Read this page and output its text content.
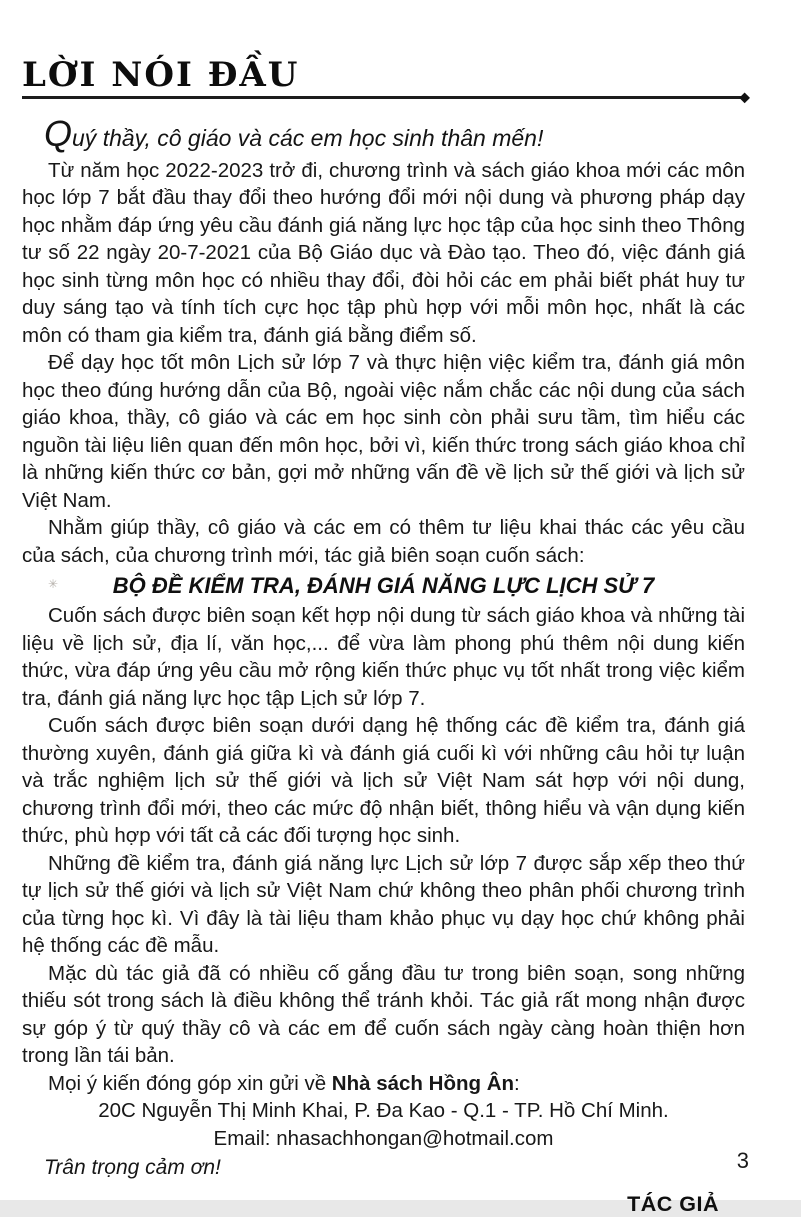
LỜI NÓI ĐẦU
◆

Quý thầy, cô giáo và các em học sinh thân mến!

Từ năm học 2022-2023 trở đi, chương trình và sách giáo khoa mới các môn học lớp 7 bắt đầu thay đổi theo hướng đổi mới nội dung và phương pháp dạy học nhằm đáp ứng yêu cầu đánh giá năng lực học tập của học sinh theo Thông tư số 22 ngày 20-7-2021 của Bộ Giáo dục và Đào tạo. Theo đó, việc đánh giá học sinh từng môn học có nhiều thay đổi, đòi hỏi các em phải biết phát huy tư duy sáng tạo và tính tích cực học tập phù hợp với mỗi môn học, nhất là các môn có tham gia kiểm tra, đánh giá bằng điểm số.

Để dạy học tốt môn Lịch sử lớp 7 và thực hiện việc kiểm tra, đánh giá môn học theo đúng hướng dẫn của Bộ, ngoài việc nắm chắc các nội dung của sách giáo khoa, thầy, cô giáo và các em học sinh còn phải sưu tầm, tìm hiểu các nguồn tài liệu liên quan đến môn học, bởi vì, kiến thức trong sách giáo khoa chỉ là những kiến thức cơ bản, gợi mở những vấn đề về lịch sử thế giới và lịch sử Việt Nam.

Nhằm giúp thầy, cô giáo và các em có thêm tư liệu khai thác các yêu cầu của sách, của chương trình mới, tác giả biên soạn cuốn sách:

✳	BỘ ĐỀ KIỂM TRA, ĐÁNH GIÁ NĂNG LỰC LỊCH SỬ 7

Cuốn sách được biên soạn kết hợp nội dung từ sách giáo khoa và những tài liệu về lịch sử, địa lí, văn học,... để vừa làm phong phú thêm nội dung kiến thức, vừa đáp ứng yêu cầu mở rộng kiến thức phục vụ tốt nhất trong việc kiểm tra, đánh giá năng lực học tập Lịch sử lớp 7.

Cuốn sách được biên soạn dưới dạng hệ thống các đề kiểm tra, đánh giá thường xuyên, đánh giá giữa kì và đánh giá cuối kì với những câu hỏi tự luận và trắc nghiệm lịch sử thế giới và lịch sử Việt Nam sát hợp với nội dung, chương trình đổi mới, theo các mức độ nhận biết, thông hiểu và vận dụng kiến thức, phù hợp với tất cả các đối tượng học sinh.

Những đề kiểm tra, đánh giá năng lực Lịch sử lớp 7 được sắp xếp theo thứ tự lịch sử thế giới và lịch sử Việt Nam chứ không theo phân phối chương trình của từng học kì. Vì đây là tài liệu tham khảo phục vụ dạy học chứ không phải hệ thống các đề mẫu.

Mặc dù tác giả đã có nhiều cố gắng đầu tư trong biên soạn, song những thiếu sót trong sách là điều không thể tránh khỏi. Tác giả rất mong nhận được sự góp ý từ quý thầy cô và các em để cuốn sách ngày càng hoàn thiện hơn trong lần tái bản.

Mọi ý kiến đóng góp xin gửi về Nhà sách Hồng Ân:

20C Nguyễn Thị Minh Khai, P. Đa Kao - Q.1 - TP. Hồ Chí Minh.

Email: nhasachhongan@hotmail.com

Trân trọng cảm ơn!

TÁC GIẢ

3
